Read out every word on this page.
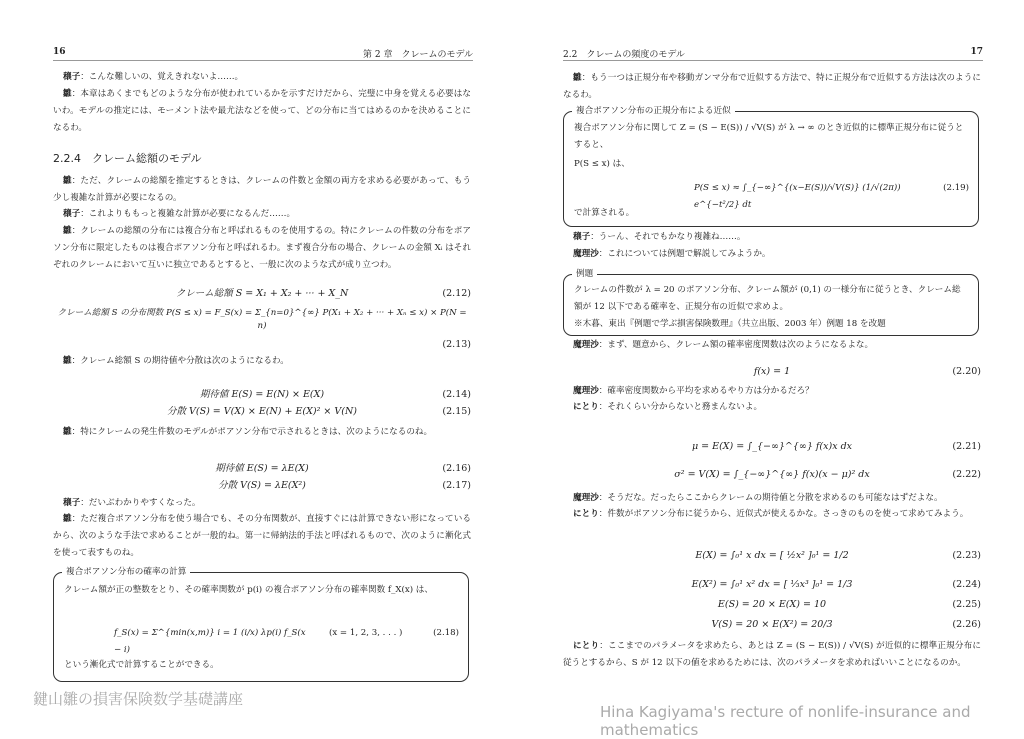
16	第 2 章　クレームのモデル
穣子：こんな難しいの、覚えきれないよ……。
雛：本章はあくまでもどのような分布が使われているかを示すだけだから、完璧に中身を覚える必要はないわ。モデルの推定には、モーメント法や最尤法などを使って、どの分布に当てはめるのかを決めることになるわ。
2.2.4　クレーム総額のモデル
雛：ただ、クレームの総額を推定するときは、クレームの件数と金額の両方を求める必要があって、もう少し複雑な計算が必要になるの。
穣子：これよりももっと複雑な計算が必要になるんだ……。
雛：クレームの総額の分布には複合分布と呼ばれるものを使用するの。特にクレームの件数の分布をポアソン分布に限定したものは複合ポアソン分布と呼ばれるわ。まず複合分布の場合、クレームの金額 Xᵢ はそれぞれのクレームにおいて互いに独立であるとすると、一般に次のような式が成り立つわ。
クレーム総額 S = X₁ + X₂ + ··· + X_N	(2.12)
クレーム総額 S の分布関数 P(S ≤ x) = F_S(x) = Σ_{n=0}^{∞} P(X₁ + X₂ + ··· + Xₙ ≤ x) × P(N = n)
(2.13)
雛：クレーム総額 S の期待値や分散は次のようになるわ。
期待値 E(S) = E(N) × E(X)	(2.14)
分散 V(S) = V(X) × E(N) + E(X)² × V(N)	(2.15)
雛：特にクレームの発生件数のモデルがポアソン分布で示されるときは、次のようになるのね。
期待値 E(S) = λE(X)	(2.16)
分散 V(S) = λE(X²)	(2.17)
穣子：だいぶわかりやすくなった。
雛：ただ複合ポアソン分布を使う場合でも、その分布関数が、直接すぐには計算できない形になっているから、次のような手法で求めることが一般的ね。第一に帰納法的手法と呼ばれるもので、次のように漸化式を使って表すものね。
複合ポアソン分布の確率の計算
クレーム額が正の整数をとり、その確率関数が p(i) の複合ポアソン分布の確率関数 f_X(x) は、
f_S(x) = Σ^{min(x,m)} i = 1 (i/x) λp(i) f_S(x − i)
(x = 1, 2, 3, . . . )	(2.18)
という漸化式で計算することができる。
鍵山雛の損害保険数学基礎講座
2.2　クレームの頻度のモデル	17
雛：もう一つは正規分布や移動ガンマ分布で近似する方法で、特に正規分布で近似する方法は次のようになるわ。
複合ポアソン分布の正規分布による近似
複合ポアソン分布に関して Z = (S − E(S)) / √V(S) が λ → ∞ のとき近似的に標準正規分布に従うとすると、
P(S ≤ x) は、
P(S ≤ x) ≈ ∫_{−∞}^{(x−E(S))/√V(S)} (1/√(2π)) e^{−t²/2} dt
(2.19)
で計算される。
穣子：うーん、それでもかなり複雑ね……。
魔理沙：これについては例題で解説してみようか。
例題
クレームの件数が λ = 20 のポアソン分布、クレーム額が (0,1) の一様分布に従うとき、クレーム総額が 12 以下である確率を、正規分布の近似で求めよ。
※木暮、東出『例題で学ぶ損害保険数理』（共立出版、2003 年）例題 18 を改題
魔理沙：まず、題意から、クレーム額の確率密度関数は次のようになるよな。
f(x) = 1	(2.20)
魔理沙：確率密度関数から平均を求めるやり方は分かるだろ？
にとり：それくらい分からないと務まんないよ。
μ = E(X) = ∫_{−∞}^{∞} f(x)x dx	(2.21)
σ² = V(X) = ∫_{−∞}^{∞} f(x)(x − μ)² dx	(2.22)
魔理沙：そうだな。だったらここからクレームの期待値と分散を求めるのも可能なはずだよな。
にとり：件数がポアソン分布に従うから、近似式が使えるかな。さっきのものを使って求めてみよう。
E(X) = ∫₀¹ x dx = [ ½x² ]₀¹ = 1/2	(2.23)
E(X²) = ∫₀¹ x² dx = [ ⅓x³ ]₀¹ = 1/3	(2.24)
E(S) = 20 × E(X) = 10	(2.25)
V(S) = 20 × E(X²) = 20/3	(2.26)
にとり：ここまでのパラメータを求めたら、あとは Z = (S − E(S)) / √V(S) が近似的に標準正規分布に従うとするから、S が 12 以下の値を求めるためには、次のパラメータを求めればいいことになるのか。
Hina Kagiyama's recture of nonlife-insurance and mathematics
